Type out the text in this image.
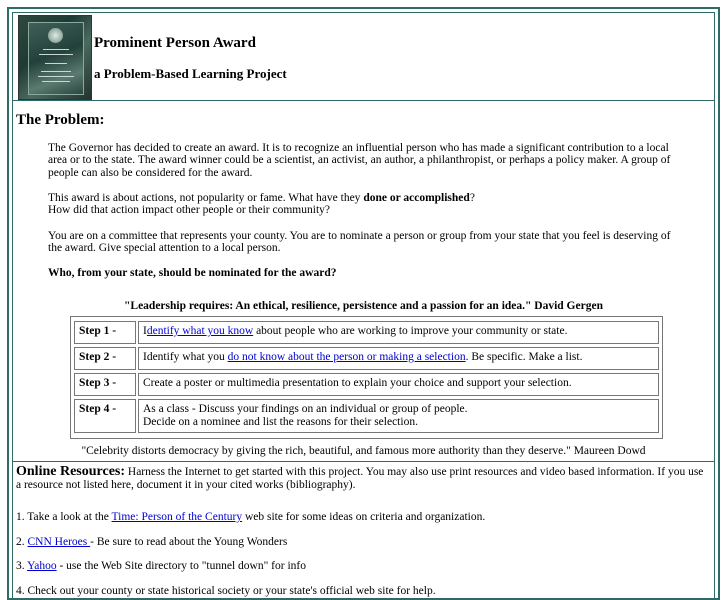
Prominent Person Award
a Problem-Based Learning Project
The Problem:

The Governor has decided to create an award. It is to recognize an influential person who has made a significant contribution to a local area or to the state. The award winner could be a scientist, an activist, an author, a philanthropist, or perhaps a policy maker. A group of people can also be considered for the award.

This award is about actions, not popularity or fame. What have they done or accomplished?
How did that action impact other people or their community?

You are on a committee that represents your county. You are to nominate a person or group from your state that you feel is deserving of the award. Give special attention to a local person.

Who, from your state, should be nominated for the award?

"Leadership requires: An ethical, resilience, persistence and a passion for an idea." David Gergen
Step 1 -	Identify what you know about people who are working to improve your community or state.
Step 2 -	Identify what you do not know about the person or making a selection. Be specific. Make a list.
Step 3 -	Create a poster or multimedia presentation to explain your choice and support your selection.
Step 4 -	As a class - Discuss your findings on an individual or group of people.
Decide on a nominee and list the reasons for their selection.
"Celebrity distorts democracy by giving the rich, beautiful, and famous more authority than they deserve." Maureen Dowd
Online Resources: Harness the Internet to get started with this project. You may also use print resources and video based information. If you use a resource not listed here, document it in your cited works (bibliography).
1. Take a look at the Time: Person of the Century web site for some ideas on criteria and organization.
2. CNN Heroes - Be sure to read about the Young Wonders
3. Yahoo - use the Web Site directory to "tunnel down" for info
4. Check out your county or state historical society or your state's official web site for help.
